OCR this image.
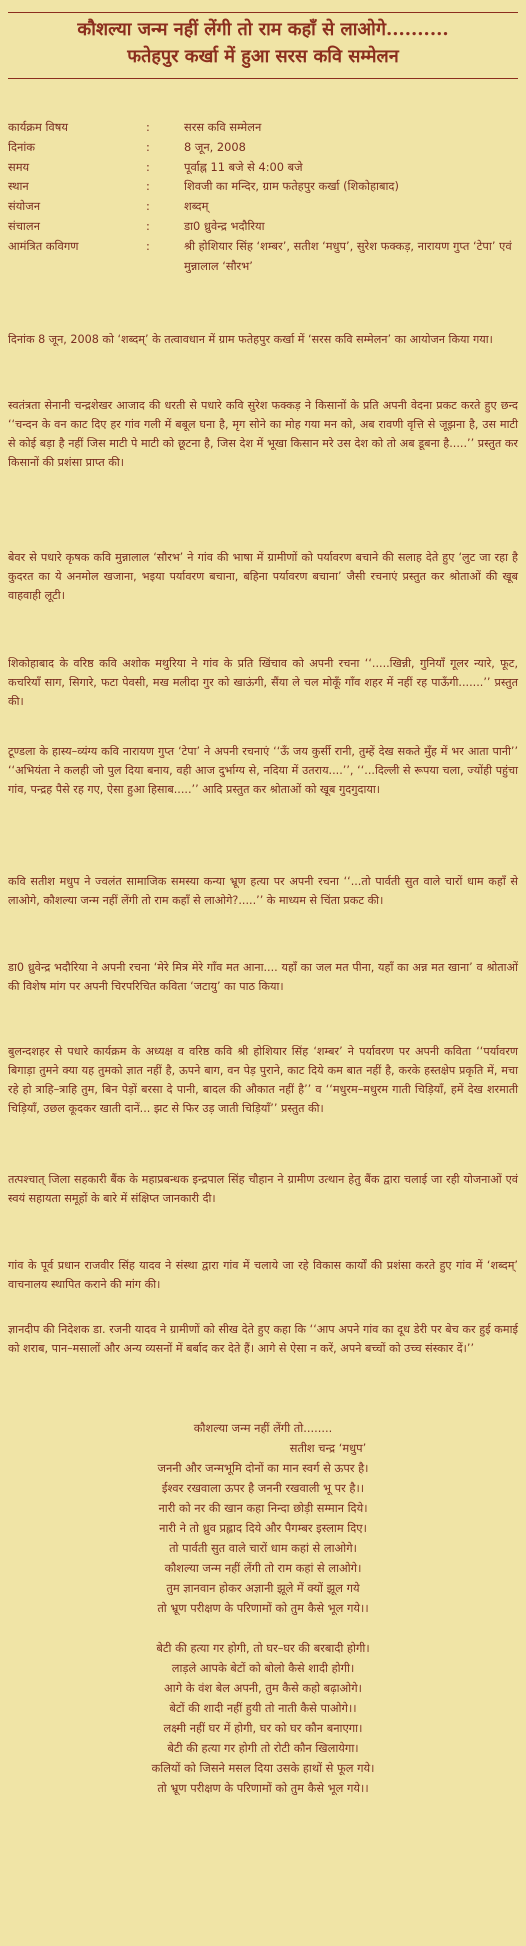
कौशल्या जन्म नहीं लेंगी तो राम कहाँ से लाओगे..........
फतेहपुर कर्खा में हुआ सरस कवि सम्मेलन
कार्यक्रम विषय	:	सरस कवि सम्मेलन
दिनांक	:	8 जून, 2008
समय	:	पूर्वाह्न 11 बजे से 4:00 बजे
स्थान	:	शिवजी का मन्दिर, ग्राम फतेहपुर कर्खा (शिकोहाबाद)
संयोजन	:	शब्दम्
संचालन	:	डा0 ध्रुवेन्द्र भदौरिया
आमंत्रित कविगण	:	श्री होशियार सिंह ‘शम्बर’, सतीश ‘मधुप’, सुरेश फक्कड़, नारायण गुप्त ‘टेपा’ एवं मुन्नालाल ‘सौरभ’
दिनांक 8 जून, 2008 को ‘शब्दम्’ के तत्वावधान में ग्राम फतेहपुर कर्खा में ‘सरस कवि सम्मेलन’ का आयोजन किया गया।
स्वतंत्रता सेनानी चन्द्रशेखर आजाद की धरती से पधारे कवि सुरेश फक्कड़ ने किसानों के प्रति अपनी वेदना प्रकट करते हुए छन्द ‘‘चन्दन के वन काट दिए हर गांव गली में बबूल घना है, मृग सोने का मोह गया मन को, अब रावणी वृत्ति से जूझना है, उस माटी से कोई बड़ा है नहीं जिस माटी पे माटी को छूटना है, जिस देश में भूखा किसान मरे उस देश को तो अब डूबना है.....’’ प्रस्तुत कर किसानों की प्रशंसा प्राप्त की।
बेवर से पधारे कृषक कवि मुन्नालाल ‘सौरभ’ ने गांव की भाषा में ग्रामीणों को पर्यावरण बचाने की सलाह देते हुए ‘लुट जा रहा है कुदरत का ये अनमोल खजाना, भइया पर्यावरण बचाना, बहिना पर्यावरण बचाना’ जैसी रचनाएं प्रस्तुत कर श्रोताओं की खूब वाहवाही लूटी।
शिकोहाबाद के वरिष्ठ कवि अशोक मथुरिया ने गांव के प्रति खिंचाव को अपनी रचना ‘‘.....खिन्नी, गुनियाँ गूलर न्यारे, फूट, कचरियाँ साग, सिगारे, फटा पेवसी, मख मलीदा गुर को खाऊंगी, सैंया ले चल मोकूँ गाँव शहर में नहीं रह पाऊँगी.......’’ प्रस्तुत की।
टूण्डला के हास्य–व्यंग्य कवि नारायण गुप्त ‘टेपा’ ने अपनी रचनाएं ‘‘ऊँ जय कुर्सी रानी, तुम्हें देख सकते मुँह में भर आता पानी’’ ‘‘अभियंता ने कलही जो पुल दिया बनाय, वही आज दुर्भाग्य से, नदिया में उतराय....’’, ‘‘...दिल्ली से रूपया चला, ज्योंही पहुंचा गांव, पन्द्रह पैसे रह गए, ऐसा हुआ हिसाब.....’’ आदि प्रस्तुत कर श्रोताओं को खूब गुदगुदाया।
कवि सतीश मधुप ने ज्वलंत सामाजिक समस्या कन्या भ्रूण हत्या पर अपनी रचना ‘‘...तो पार्वती सुत वाले चारों धाम कहाँ से लाओगे, कौशल्या जन्म नहीं लेंगी तो राम कहाँ से लाओगे?.....’’ के माध्यम से चिंता प्रकट की।
डा0 ध्रुवेन्द्र भदौरिया ने अपनी रचना ‘मेरे मित्र मेरे गाँव मत आना.... यहाँ का जल मत पीना, यहाँ का अन्न मत खाना’ व श्रोताओं की विशेष मांग पर अपनी चिरपरिचित कविता ‘जटायु’ का पाठ किया।
बुलन्दशहर से पधारे कार्यक्रम के अध्यक्ष व वरिष्ठ कवि श्री होशियार सिंह ‘शम्बर’ ने पर्यावरण पर अपनी कविता ‘‘पर्यावरण बिगाड़ा तुमने क्या यह तुमको ज्ञात नहीं है, ऊपने बाग, वन पेड़ पुराने, काट दिये कम बात नहीं है, करके हस्तक्षेप प्रकृति में, मचा रहे हो त्राहि–त्राहि तुम, बिन पेड़ों बरसा दे पानी, बादल की औकात नहीं है’’ व ‘‘मधुरम–मधुरम गाती चिड़ियाँ, हमें देख शरमाती चिड़ियाँ, उछल कूदकर खाती दानें... झट से फिर उड़ जाती चिड़ियाँ’’ प्रस्तुत की।
तत्पश्चात् जिला सहकारी बैंक के महाप्रबन्धक इन्द्रपाल सिंह चौहान ने ग्रामीण उत्थान हेतु बैंक द्वारा चलाई जा रही योजनाओं एवं स्वयं सहायता समूहों के बारे में संक्षिप्त जानकारी दी।
गांव के पूर्व प्रधान राजवीर सिंह यादव ने संस्था द्वारा गांव में चलाये जा रहे विकास कार्यों की प्रशंसा करते हुए गांव में ‘शब्दम्’ वाचनालय स्थापित कराने की मांग की।
ज्ञानदीप की निदेशक डा. रजनी यादव ने ग्रामीणों को सीख देते हुए कहा कि ‘‘आप अपने गांव का दूध डेरी पर बेच कर हुई कमाई को शराब, पान–मसालों और अन्य व्यसनों में बर्बाद कर देते हैं। आगे से ऐसा न करें, अपने बच्चों को उच्च संस्कार दें।’’
कौशल्या जन्म नहीं लेंगी तो........
सतीश चन्द्र ‘मधुप’
जननी और जन्मभूमि दोनों का मान स्वर्ग से ऊपर है।
ईश्वर रखवाला ऊपर है जननी रखवाली भू पर है।।
नारी को नर की खान कहा निन्दा छोड़ी सम्मान दिये।
नारी ने तो ध्रुव प्रह्लाद दिये और पैगम्बर इस्लाम दिए।
तो पार्वती सुत वाले चारों धाम कहां से लाओगे।
कौशल्या जन्म नहीं लेंगी तो राम कहां से लाओगे।
तुम ज्ञानवान होकर अज्ञानी झूले में क्यों झूल गये
तो भ्रूण परीक्षण के परिणामों को तुम कैसे भूल गये।।
बेटी की हत्या गर होगी, तो घर–घर की बरबादी होगी।
लाड़ले आपके बेटों को बोलो कैसे शादी होगी।
आगे के वंश बेल अपनी, तुम कैसे कहो बढ़ाओगे।
बेटों की शादी नहीं हुयी तो नाती कैसे पाओगे।।
लक्ष्मी नहीं घर में होगी, घर को घर कौन बनाएगा।
बेटी की हत्या गर होगी तो रोटी कौन खिलायेगा।
कलियों को जिसने मसल दिया उसके हाथों से फूल गये।
तो भ्रूण परीक्षण के परिणामों को तुम कैसे भूल गये।।
